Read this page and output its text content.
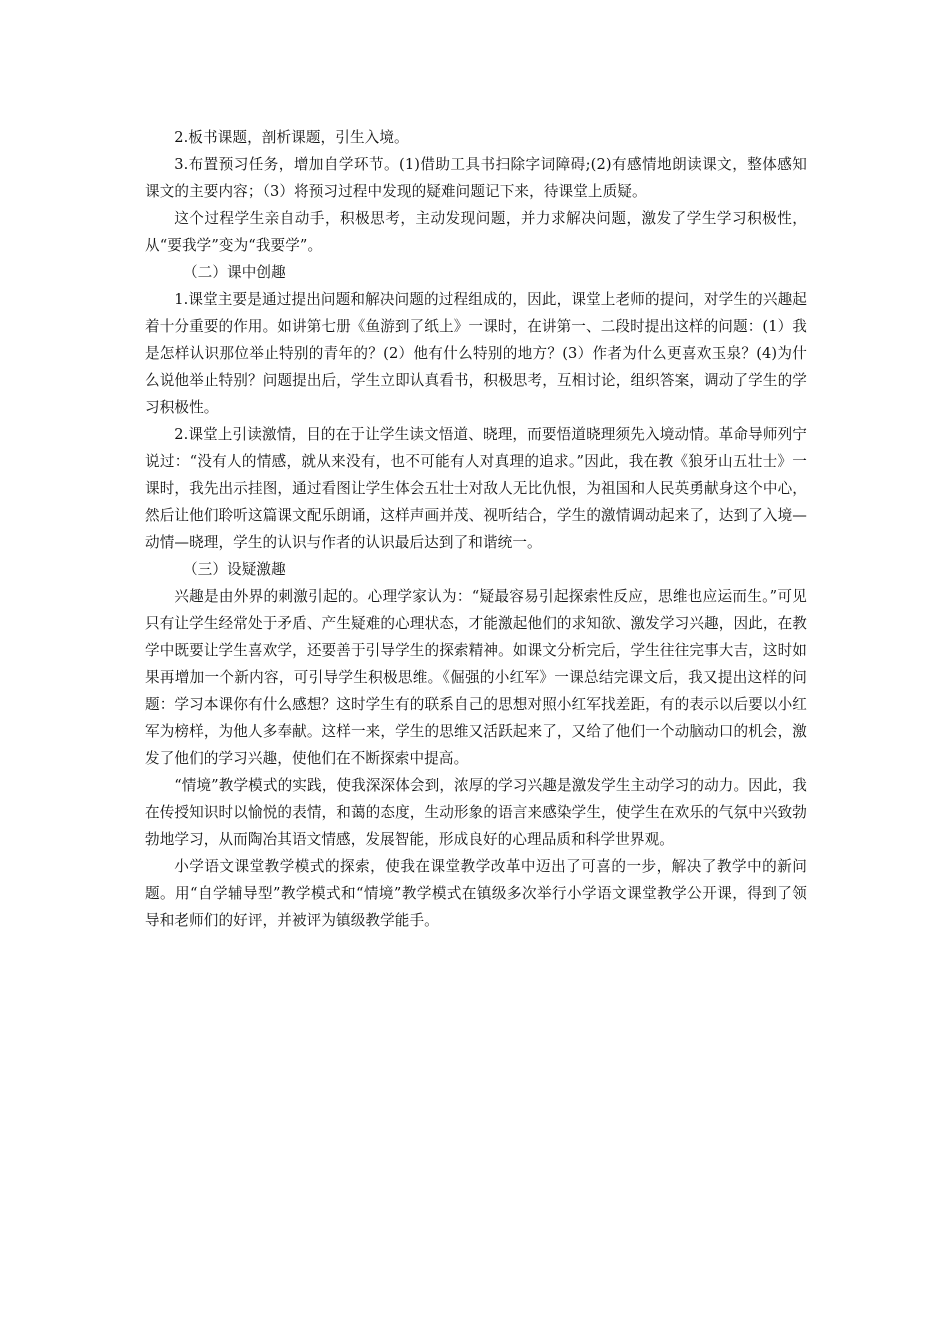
2.板书课题，剖析课题，引生入境。

3.布置预习任务，增加自学环节。(1)借助工具书扫除字词障碍;(2)有感情地朗读课文，整体感知课文的主要内容；（3）将预习过程中发现的疑难问题记下来，待课堂上质疑。

这个过程学生亲自动手，积极思考，主动发现问题，并力求解决问题，激发了学生学习积极性，从“要我学”变为“我要学”。

（二）课中创趣

1.课堂主要是通过提出问题和解决问题的过程组成的，因此，课堂上老师的提问，对学生的兴趣起着十分重要的作用。如讲第七册《鱼游到了纸上》一课时，在讲第一、二段时提出这样的问题：(1）我是怎样认识那位举止特别的青年的？(2）他有什么特别的地方？(3）作者为什么更喜欢玉泉？(4)为什么说他举止特别？问题提出后，学生立即认真看书，积极思考，互相讨论，组织答案，调动了学生的学习积极性。

2.课堂上引读激情，目的在于让学生读文悟道、晓理，而要悟道晓理须先入境动情。革命导师列宁说过：“没有人的情感，就从来没有，也不可能有人对真理的追求。”因此，我在教《狼牙山五壮士》一课时，我先出示挂图，通过看图让学生体会五壮士对敌人无比仇恨，为祖国和人民英勇献身这个中心，然后让他们聆听这篇课文配乐朗诵，这样声画并茂、视听结合，学生的激情调动起来了，达到了入境—动情—晓理，学生的认识与作者的认识最后达到了和谐统一。

（三）设疑激趣

兴趣是由外界的刺激引起的。心理学家认为：“疑最容易引起探索性反应，思维也应运而生。”可见只有让学生经常处于矛盾、产生疑难的心理状态，才能激起他们的求知欲、激发学习兴趣，因此，在教学中既要让学生喜欢学，还要善于引导学生的探索精神。如课文分析完后，学生往往完事大吉，这时如果再增加一个新内容，可引导学生积极思维。《倔强的小红军》一课总结完课文后，我又提出这样的问题：学习本课你有什么感想？这时学生有的联系自己的思想对照小红军找差距，有的表示以后要以小红军为榜样，为他人多奉献。这样一来，学生的思维又活跃起来了，又给了他们一个动脑动口的机会，激发了他们的学习兴趣，使他们在不断探索中提高。

“情境”教学模式的实践，使我深深体会到，浓厚的学习兴趣是激发学生主动学习的动力。因此，我在传授知识时以愉悦的表情，和蔼的态度，生动形象的语言来感染学生，使学生在欢乐的气氛中兴致勃勃地学习，从而陶冶其语文情感，发展智能，形成良好的心理品质和科学世界观。

小学语文课堂教学模式的探索，使我在课堂教学改革中迈出了可喜的一步，解决了教学中的新问题。用“自学辅导型”教学模式和“情境”教学模式在镇级多次举行小学语文课堂教学公开课，得到了领导和老师们的好评，并被评为镇级教学能手。
